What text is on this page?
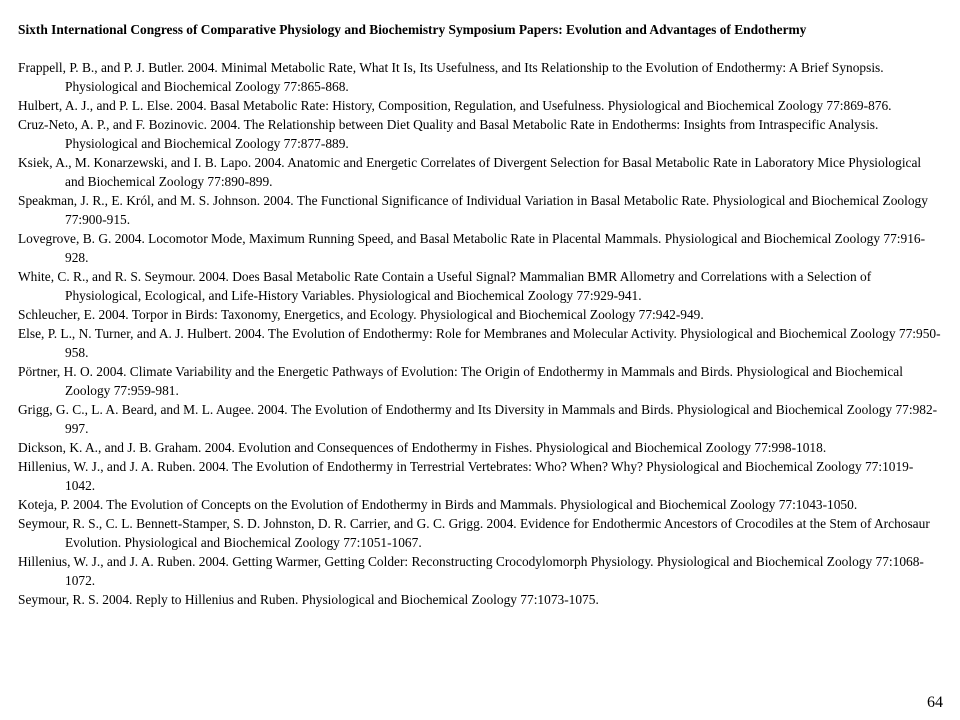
Sixth International Congress of Comparative Physiology and Biochemistry Symposium Papers: Evolution and Advantages of Endothermy

Frappell, P. B., and P. J. Butler. 2004. Minimal Metabolic Rate, What It Is, Its Usefulness, and Its Relationship to the Evolution of Endothermy: A Brief Synopsis. Physiological and Biochemical Zoology 77:865-868.
Hulbert, A. J., and P. L. Else. 2004. Basal Metabolic Rate: History, Composition, Regulation, and Usefulness. Physiological and Biochemical Zoology 77:869-876.
Cruz-Neto, A. P., and F. Bozinovic. 2004. The Relationship between Diet Quality and Basal Metabolic Rate in Endotherms: Insights from Intraspecific Analysis. Physiological and Biochemical Zoology 77:877-889.
Ksiek, A., M. Konarzewski, and I. B. Lapo. 2004. Anatomic and Energetic Correlates of Divergent Selection for Basal Metabolic Rate in Laboratory Mice Physiological and Biochemical Zoology 77:890-899.
Speakman, J. R., E. Król, and M. S. Johnson. 2004. The Functional Significance of Individual Variation in Basal Metabolic Rate. Physiological and Biochemical Zoology 77:900-915.
Lovegrove, B. G. 2004. Locomotor Mode, Maximum Running Speed, and Basal Metabolic Rate in Placental Mammals. Physiological and Biochemical Zoology 77:916-928.
White, C. R., and R. S. Seymour. 2004. Does Basal Metabolic Rate Contain a Useful Signal? Mammalian BMR Allometry and Correlations with a Selection of Physiological, Ecological, and Life-History Variables. Physiological and Biochemical Zoology 77:929-941.
Schleucher, E. 2004. Torpor in Birds: Taxonomy, Energetics, and Ecology. Physiological and Biochemical Zoology 77:942-949.
Else, P. L., N. Turner, and A. J. Hulbert. 2004. The Evolution of Endothermy: Role for Membranes and Molecular Activity. Physiological and Biochemical Zoology 77:950-958.
Pörtner, H. O. 2004. Climate Variability and the Energetic Pathways of Evolution: The Origin of Endothermy in Mammals and Birds. Physiological and Biochemical Zoology 77:959-981.
Grigg, G. C., L. A. Beard, and M. L. Augee. 2004. The Evolution of Endothermy and Its Diversity in Mammals and Birds. Physiological and Biochemical Zoology 77:982-997.
Dickson, K. A., and J. B. Graham. 2004. Evolution and Consequences of Endothermy in Fishes. Physiological and Biochemical Zoology 77:998-1018.
Hillenius, W. J., and J. A. Ruben. 2004. The Evolution of Endothermy in Terrestrial Vertebrates: Who? When? Why? Physiological and Biochemical Zoology 77:1019-1042.
Koteja, P. 2004. The Evolution of Concepts on the Evolution of Endothermy in Birds and Mammals. Physiological and Biochemical Zoology 77:1043-1050.
Seymour, R. S., C. L. Bennett-Stamper, S. D. Johnston, D. R. Carrier, and G. C. Grigg. 2004. Evidence for Endothermic Ancestors of Crocodiles at the Stem of Archosaur Evolution. Physiological and Biochemical Zoology 77:1051-1067.
Hillenius, W. J., and J. A. Ruben. 2004. Getting Warmer, Getting Colder: Reconstructing Crocodylomorph Physiology. Physiological and Biochemical Zoology 77:1068-1072.
Seymour, R. S. 2004. Reply to Hillenius and Ruben. Physiological and Biochemical Zoology 77:1073-1075.
64
